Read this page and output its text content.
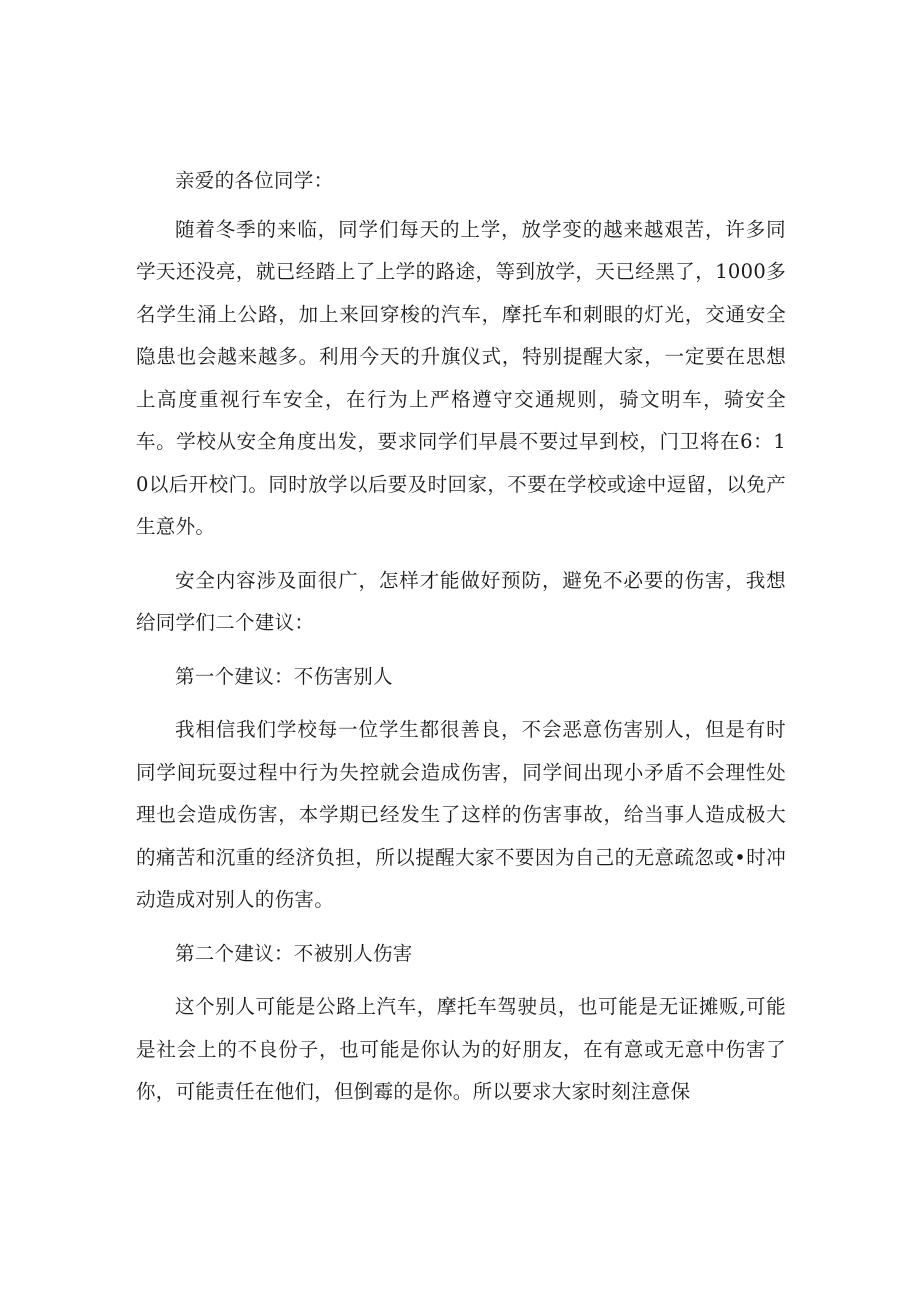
亲爱的各位同学：

随着冬季的来临，同学们每天的上学，放学变的越来越艰苦，许多同学天还没亮，就已经踏上了上学的路途，等到放学，天已经黑了，1000多名学生涌上公路，加上来回穿梭的汽车，摩托车和刺眼的灯光，交通安全隐患也会越来越多。利用今天的升旗仪式，特别提醒大家，一定要在思想上高度重视行车安全，在行为上严格遵守交通规则，骑文明车，骑安全车。学校从安全角度出发，要求同学们早晨不要过早到校，门卫将在6：10以后开校门。同时放学以后要及时回家，不要在学校或途中逗留，以免产生意外。

安全内容涉及面很广，怎样才能做好预防，避免不必要的伤害，我想给同学们二个建议：

第一个建议：不伤害别人

我相信我们学校每一位学生都很善良，不会恶意伤害别人，但是有时同学间玩耍过程中行为失控就会造成伤害，同学间出现小矛盾不会理性处理也会造成伤害，本学期已经发生了这样的伤害事故，给当事人造成极大的痛苦和沉重的经济负担，所以提醒大家不要因为自己的无意疏忽或•时冲动造成对别人的伤害。

第二个建议：不被别人伤害

这个别人可能是公路上汽车，摩托车驾驶员，也可能是无证摊贩,可能是社会上的不良份子，也可能是你认为的好朋友，在有意或无意中伤害了你，可能责任在他们，但倒霉的是你。所以要求大家时刻注意保
